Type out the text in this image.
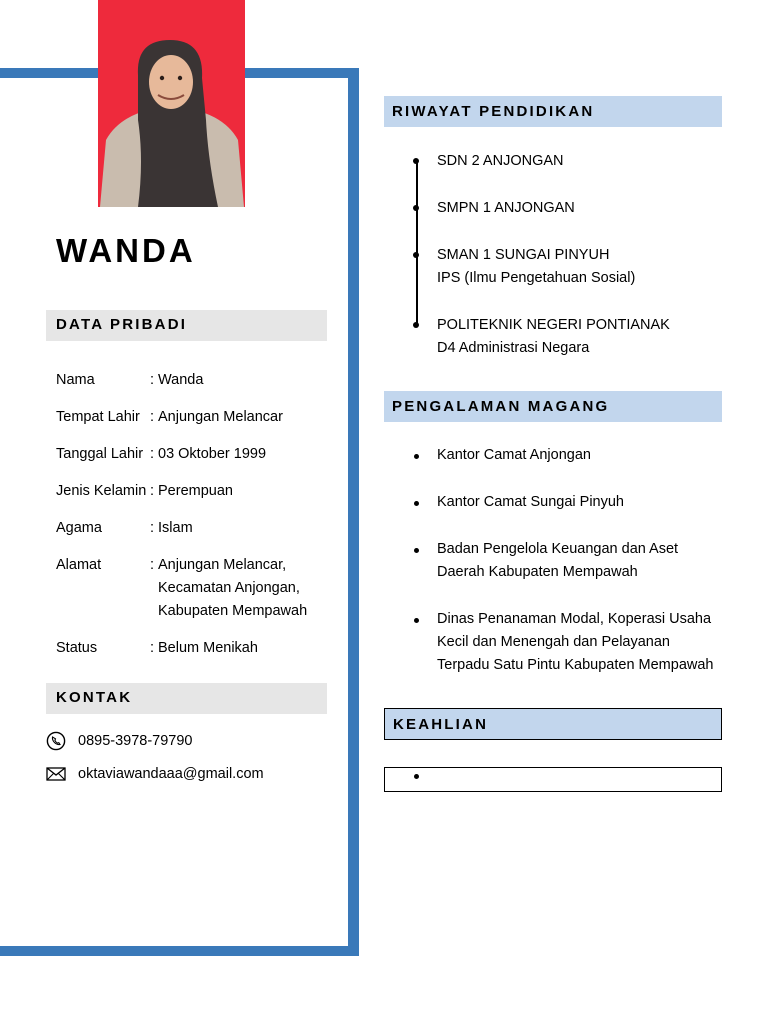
WANDA
DATA PRIBADI
Nama	: Wanda
Tempat Lahir : Anjungan Melancar
Tanggal Lahir : 03 Oktober 1999
Jenis Kelamin : Perempuan
Agama	: Islam
Alamat	: Anjungan Melancar,
Kecamatan Anjongan,
Kabupaten Mempawah
Status	: Belum Menikah
KONTAK
0895-3978-79790
oktaviawandaaa@gmail.com
RIWAYAT PENDIDIKAN
SDN 2 ANJONGAN
SMPN 1 ANJONGAN
SMAN 1 SUNGAI PINYUH
IPS (Ilmu Pengetahuan Sosial)
POLITEKNIK NEGERI PONTIANAK
D4 Administrasi Negara
PENGALAMAN MAGANG
Kantor Camat Anjongan
Kantor Camat Sungai Pinyuh
Badan Pengelola Keuangan dan Aset
Daerah Kabupaten Mempawah
Dinas Penanaman Modal, Koperasi Usaha
Kecil dan Menengah dan Pelayanan
Terpadu Satu Pintu Kabupaten Mempawah
KEAHLIAN
